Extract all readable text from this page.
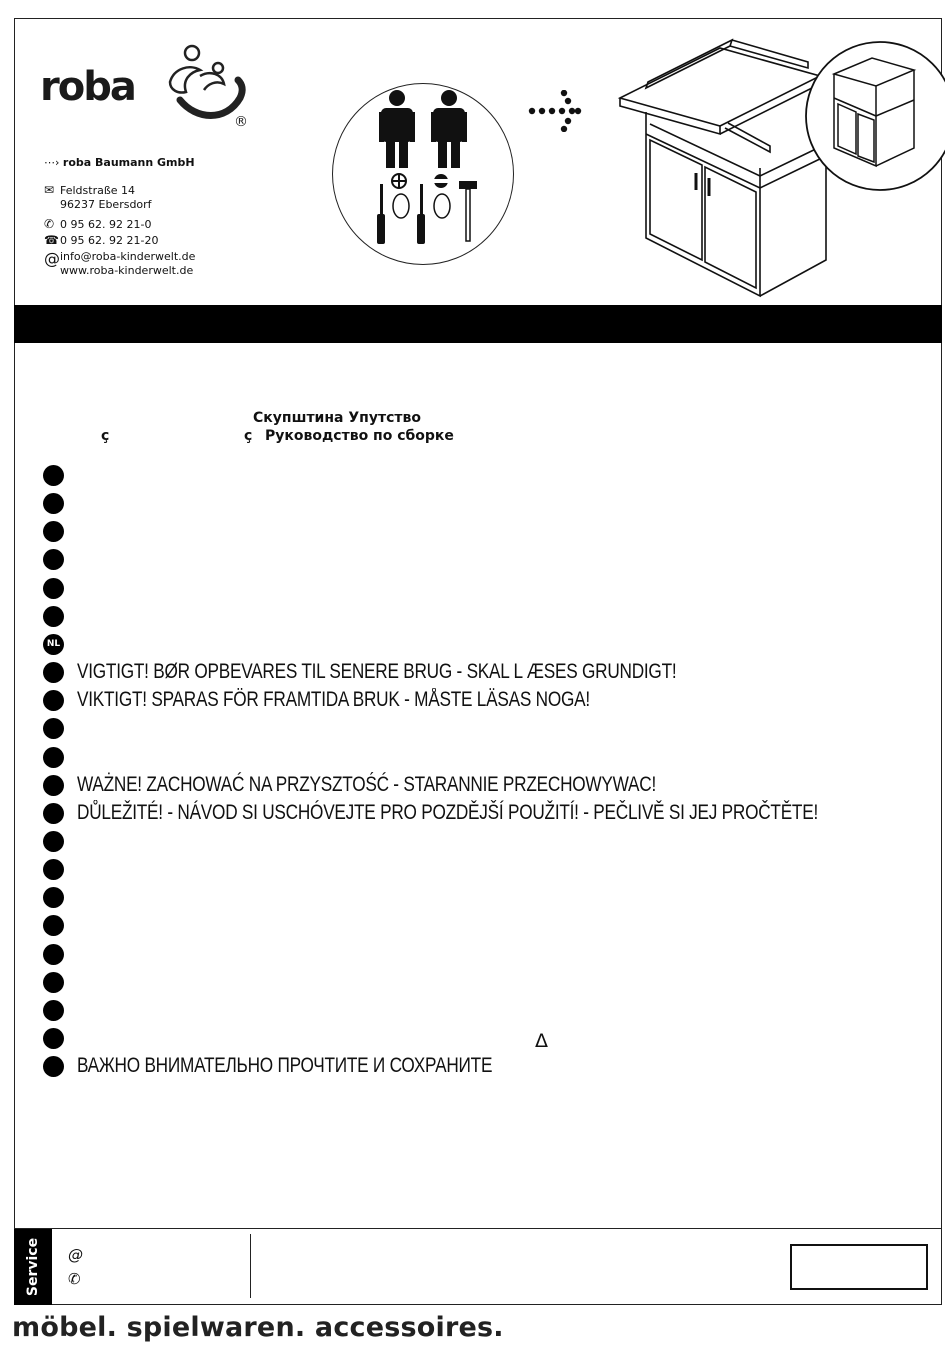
roba
®
⋯› roba Baumann GmbH
✉ Feldstraße 14
96237 Ebersdorf
✆ 0 95 62. 92 21-0
☎0 95 62. 92 21-20
@info@roba-kinderwelt.de
www.roba-kinderwelt.de
Скупштина Упутство
ç	ç Руководство по сборке
NL
VIGTIGT! BØR OPBEVARES TIL SENERE BRUG - SKAL L ÆSES GRUNDIGT!
VIKTIGT! SPARAS FÖR FRAMTIDA BRUK - MÅSTE LÄSAS NOGA!
WAŻNE! ZACHOWAĆ NA PRZYSZTOŚĆ - STARANNIE PRZECHOWYWAC!
DŮLEŽITÉ! - NÁVOD SI USCHÓVEJTE PRO POZDĚJŠÍ POUŽITÍ! - PEČLIVĚ SI JEJ PROČTĚTE!
ВАЖНО ВНИМАТЕЛЬНО ПРОЧТИТЕ И СОХРАНИТЕ
Δ
Service @
✆
möbel. spielwaren. accessoires.
